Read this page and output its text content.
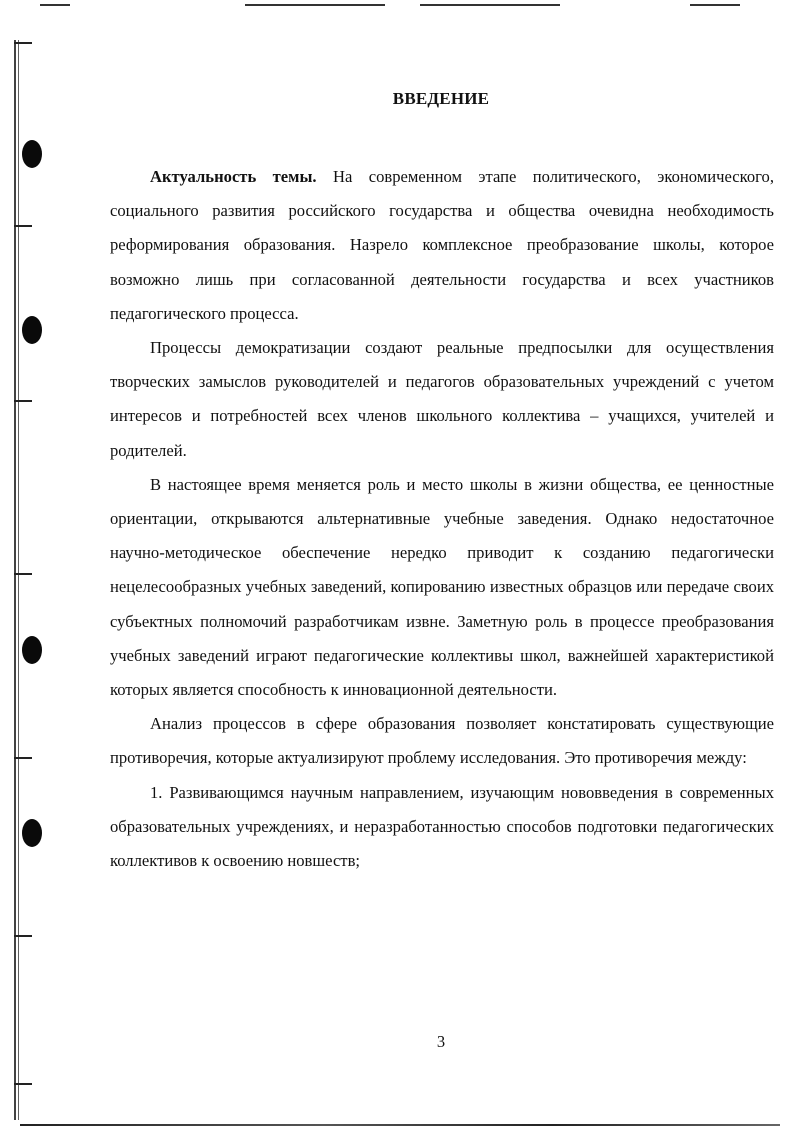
ВВЕДЕНИЕ

Актуальность темы. На современном этапе политического, экономического, социального развития российского государства и общества очевидна необходимость реформирования образования. Назрело комплексное преобразование школы, которое возможно лишь при согласованной деятельности государства и всех участников педагогического процесса.

Процессы демократизации создают реальные предпосылки для осуществления творческих замыслов руководителей и педагогов образовательных учреждений с учетом интересов и потребностей всех членов школьного коллектива – учащихся, учителей и родителей.

В настоящее время меняется роль и место школы в жизни общества, ее ценностные ориентации, открываются альтернативные учебные заведения. Однако недостаточное научно-методическое обеспечение нередко приводит к созданию педагогически нецелесообразных учебных заведений, копированию известных образцов или передаче своих субъектных полномочий разработчикам извне. Заметную роль в процессе преобразования учебных заведений играют педагогические коллективы школ, важнейшей характеристикой которых является способность к инновационной деятельности.

Анализ процессов в сфере образования позволяет констатировать существующие противоречия, которые актуализируют проблему исследования. Это противоречия между:

1. Развивающимся научным направлением, изучающим нововведения в современных образовательных учреждениях, и неразработанностью способов подготовки педагогических коллективов к освоению новшеств;

3
